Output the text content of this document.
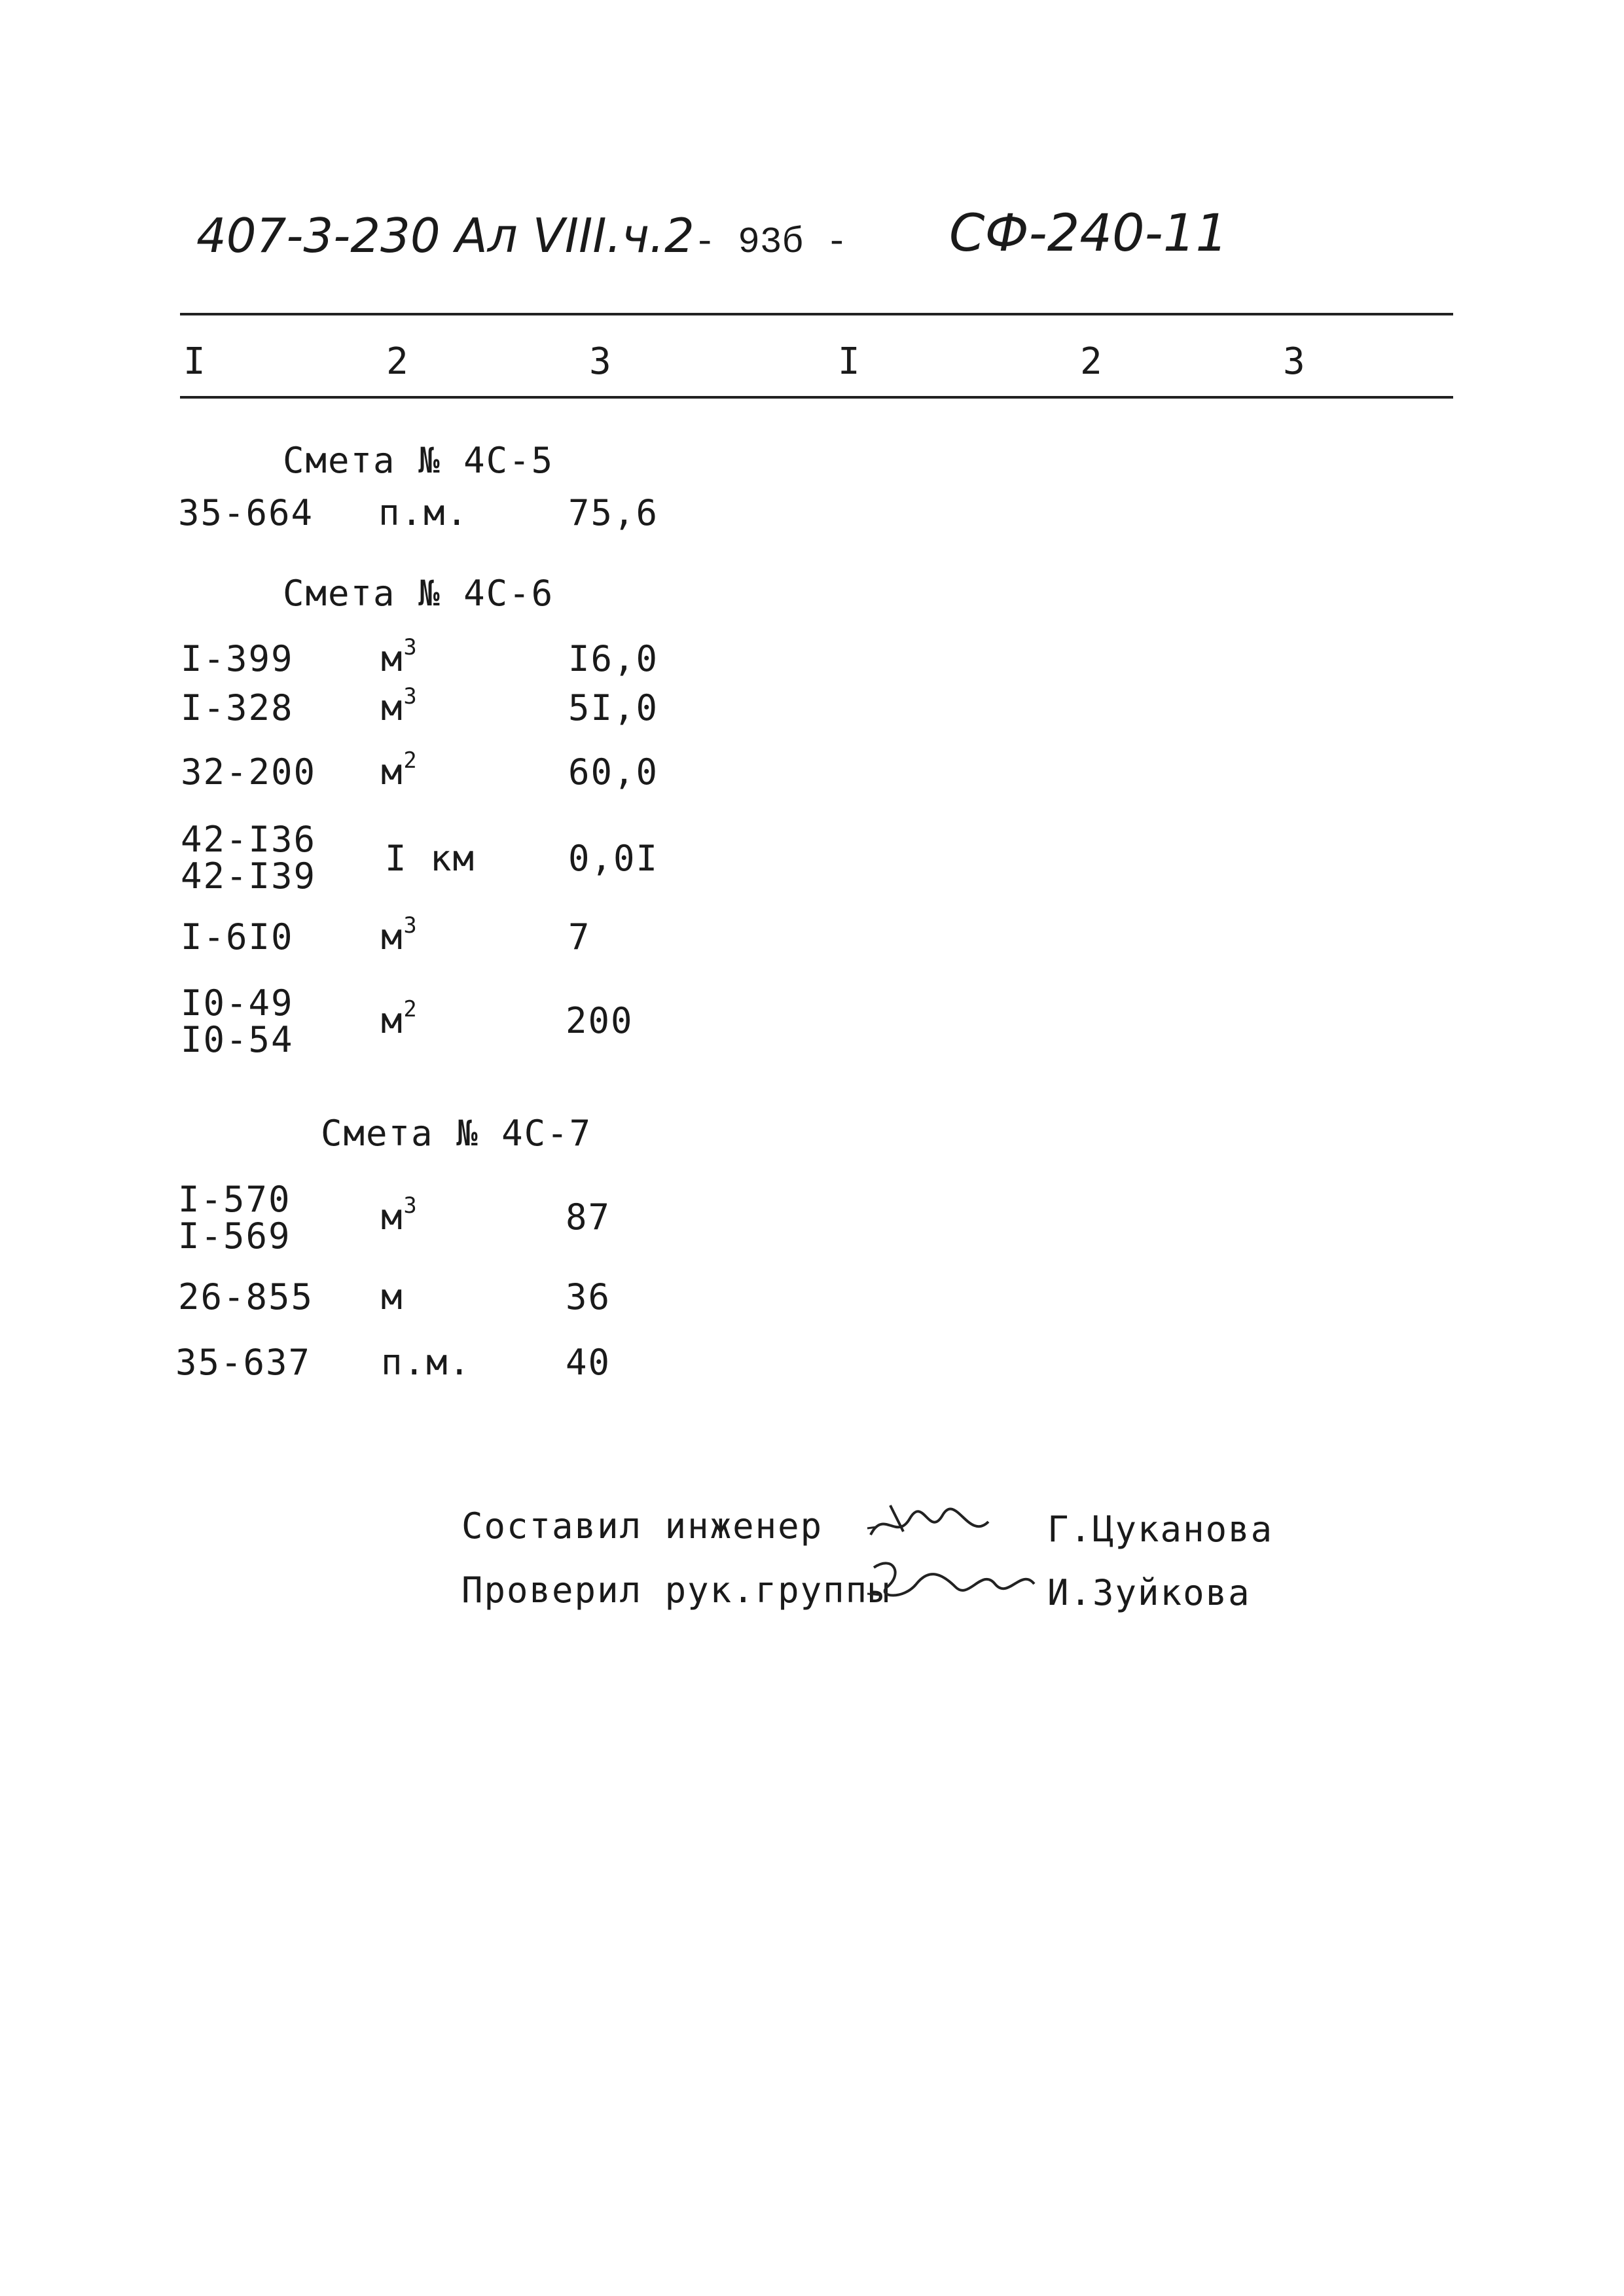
407-3-230 Ал VIII.ч.2 - 93б - СФ-240-11
I	2	3	I	2	3
Смета № 4С-5
35-664 п.м.	75,6
Смета № 4С-6
I-399 $м^3$	I6,0
I-328 $м^3$	5I,0
32-200 $м^2$	60,0
42-I36
42-I39 I км	0,0I
I-6I0 $м^3$	7
I0-49
I0-54 $м^2$	200
Смета № 4С-7
I-570
I-569	$м^3$	87
26-855 м	36
35-637 п.м.	40
Составил инженер	Г.Цуканова
Проверил рук.группы	И.Зуйкова
